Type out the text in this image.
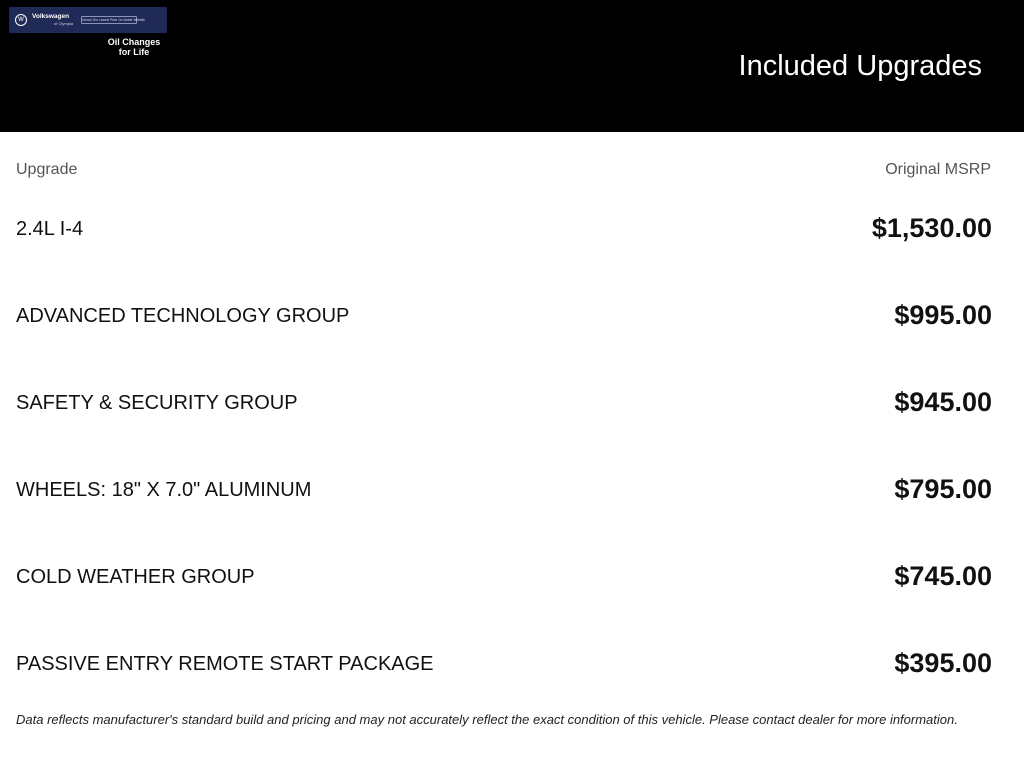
W	Volkswagen
of Olympia
Unlock Our Lowest Price On Dealer Website
Oil Changes
for Life	Included Upgrades
Upgrade	Original MSRP
2.4L I-4	$1,530.00
ADVANCED TECHNOLOGY GROUP	$995.00
SAFETY & SECURITY GROUP	$945.00
WHEELS: 18" X 7.0" ALUMINUM	$795.00
COLD WEATHER GROUP	$745.00
PASSIVE ENTRY REMOTE START PACKAGE	$395.00
Data reflects manufacturer's standard build and pricing and may not accurately reflect the exact condition of this vehicle. Please contact dealer for more information.
